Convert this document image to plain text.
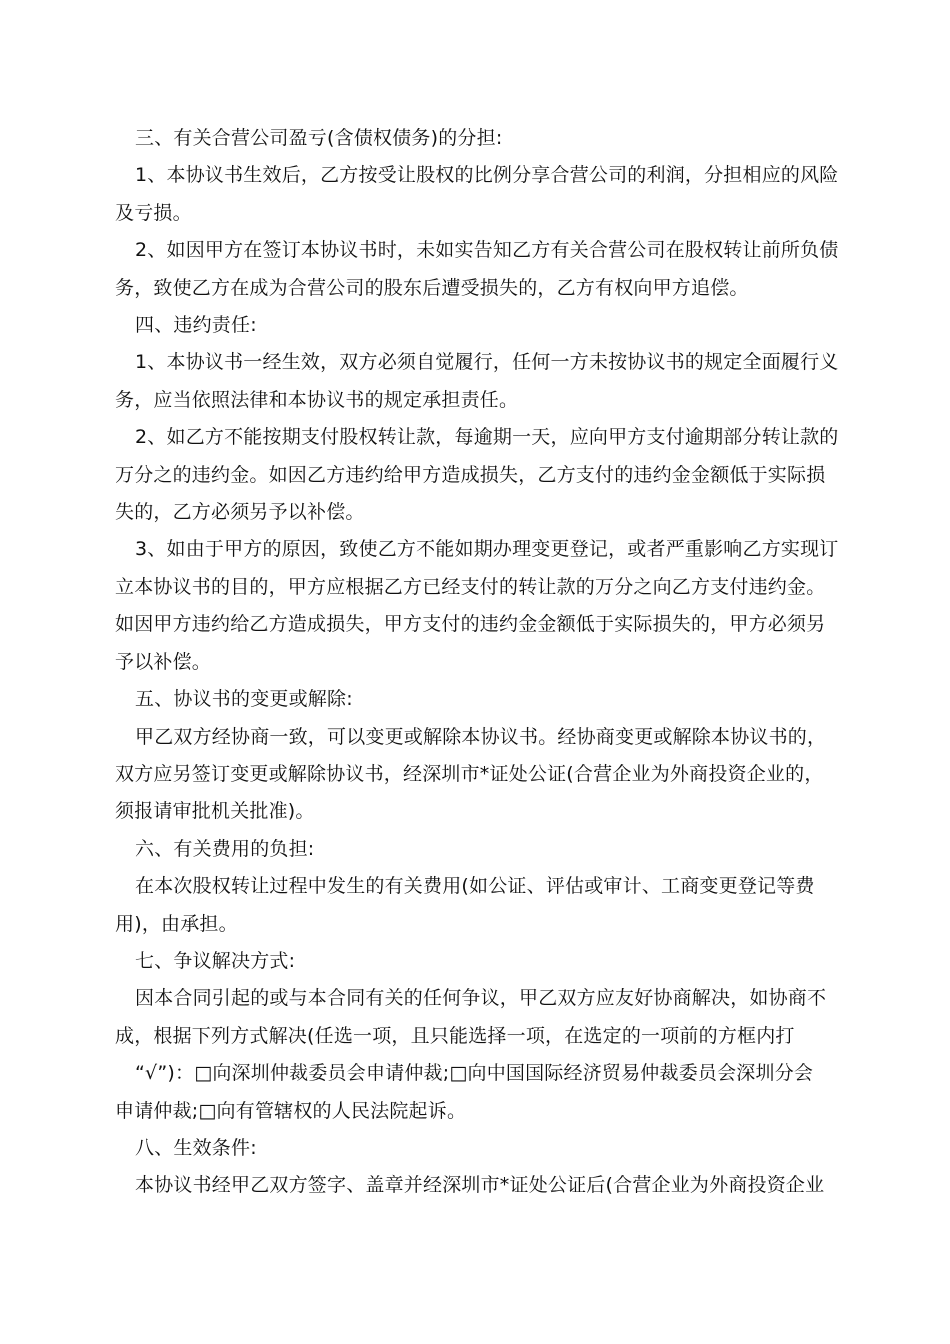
三、有关合营公司盈亏(含债权债务)的分担:
1、本协议书生效后，乙方按受让股权的比例分享合营公司的利润，分担相应的风险
及亏损。
2、如因甲方在签订本协议书时，未如实告知乙方有关合营公司在股权转让前所负债
务，致使乙方在成为合营公司的股东后遭受损失的，乙方有权向甲方追偿。
四、违约责任:
1、本协议书一经生效，双方必须自觉履行，任何一方未按协议书的规定全面履行义
务，应当依照法律和本协议书的规定承担责任。
2、如乙方不能按期支付股权转让款，每逾期一天，应向甲方支付逾期部分转让款的
万分之的违约金。如因乙方违约给甲方造成损失，乙方支付的违约金金额低于实际损
失的，乙方必须另予以补偿。
3、如由于甲方的原因，致使乙方不能如期办理变更登记，或者严重影响乙方实现订
立本协议书的目的，甲方应根据乙方已经支付的转让款的万分之向乙方支付违约金。
如因甲方违约给乙方造成损失，甲方支付的违约金金额低于实际损失的，甲方必须另
予以补偿。
五、协议书的变更或解除:
甲乙双方经协商一致，可以变更或解除本协议书。经协商变更或解除本协议书的，
双方应另签订变更或解除协议书，经深圳市*证处公证(合营企业为外商投资企业的，
须报请审批机关批准)。
六、有关费用的负担:
在本次股权转让过程中发生的有关费用(如公证、评估或审计、工商变更登记等费
用)，由承担。
七、争议解决方式:
因本合同引起的或与本合同有关的任何争议，甲乙双方应友好协商解决，如协商不
成，根据下列方式解决(任选一项，且只能选择一项，在选定的一项前的方框内打
“√”)：□向深圳仲裁委员会申请仲裁;□向中国国际经济贸易仲裁委员会深圳分会
申请仲裁;□向有管辖权的人民法院起诉。
八、生效条件:
本协议书经甲乙双方签字、盖章并经深圳市*证处公证后(合营企业为外商投资企业
